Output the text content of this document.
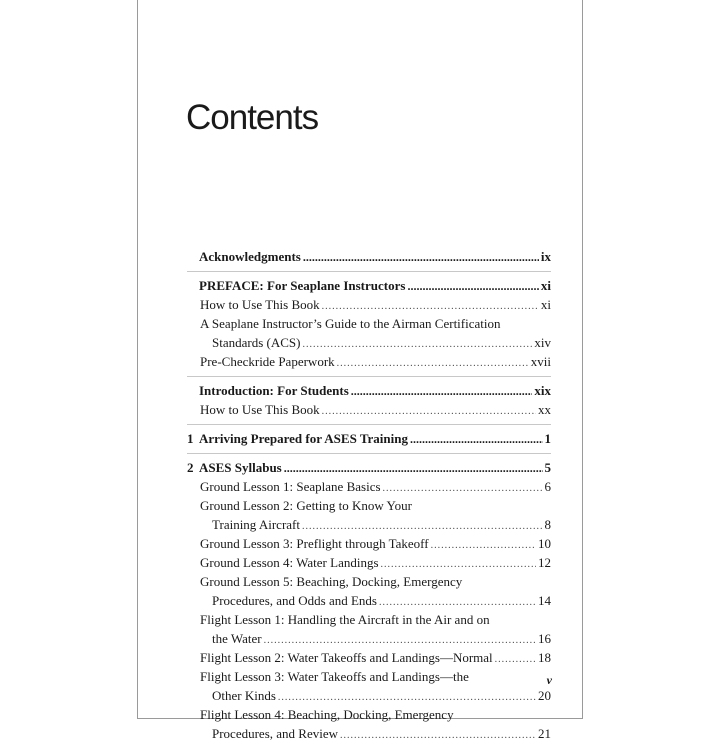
Contents
Acknowledgments .....	ix
PREFACE: For Seaplane Instructors .....	xi
How to Use This Book .....	xi
A Seaplane Instructor’s Guide to the Airman Certification
Standards (ACS) .....	xiv
Pre-Checkride Paperwork .....	xvii
Introduction: For Students .....	xix
How to Use This Book .....	xx
1 Arriving Prepared for ASES Training .....	1
2 ASES Syllabus .....	5
Ground Lesson 1: Seaplane Basics .....	6
Ground Lesson 2: Getting to Know Your
Training Aircraft .....	8
Ground Lesson 3: Preflight through Takeoff .....	10
Ground Lesson 4: Water Landings .....	12
Ground Lesson 5: Beaching, Docking, Emergency
Procedures, and Odds and Ends .....	14
Flight Lesson 1: Handling the Aircraft in the Air and on
the Water .....	16
Flight Lesson 2: Water Takeoffs and Landings—Normal .....	18
Flight Lesson 3: Water Takeoffs and Landings—the
Other Kinds .....	20
Flight Lesson 4: Beaching, Docking, Emergency
Procedures, and Review .....	21
v
